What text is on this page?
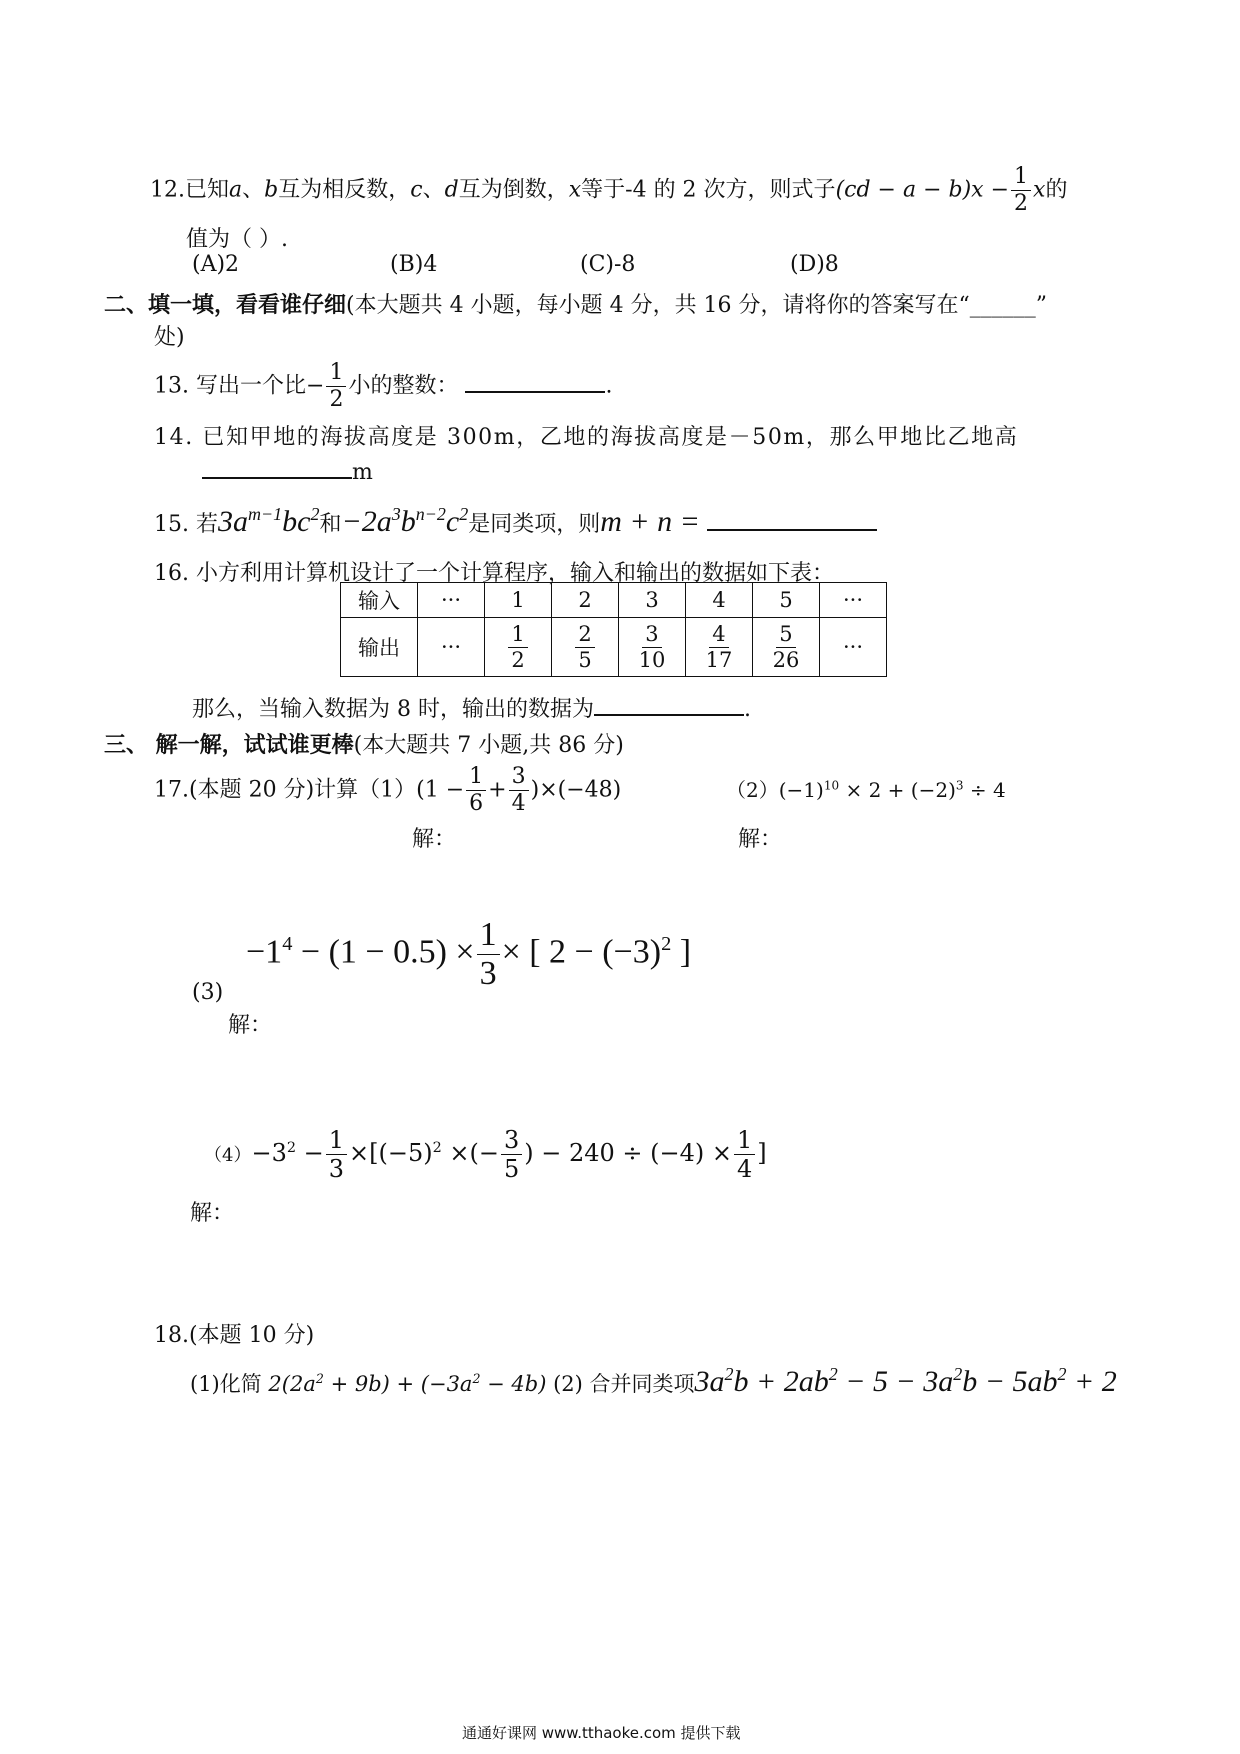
12.已知a、b互为相反数，c、d互为倒数，x等于-4 的 2 次方，则式子$(cd - a - b)x - \frac{1}{2}$ x的
值为（ ）.
(A)2	(B)4	(C)-8	(D)8
二、填一填，看看谁仔细(本大题共 4 小题，每小题 4 分，共 16 分，请将你的答案写在“______”
处)
13. 写出一个比− $\frac{1}{2}$ 小的整数：	.
14. 已知甲地的海拔高度是 300m，乙地的海拔高度是－50m，那么甲地比乙地高
m
15. 若$3a^{m-1}bc^2$和$-2a^3b^{n-2}c^2$是同类项，则m + n =
16. 小方利用计算机设计了一个计算程序，输入和输出的数据如下表：
输入	···	1	2	3	4	5	···
输出	···	$\frac{1}{2}$	$\frac{2}{5}$	$\frac{3}{10}$	$\frac{4}{17}$	$\frac{5}{26}$	···
那么，当输入数据为 8 时，输出的数据为	.
三、 解一解，试试谁更棒(本大题共 7 小题,共 86 分)
17.(本题 20 分)计算$(1)(1 - \frac{1}{6} + \frac{3}{4} )\times(-48)$	$(2)(-1)^{10} \times 2 + (-2)^3 \div 4$
解：	解：
(3)
$-1^4 - (1 - 0.5) \times \frac{1}{3}$ × [ $2 - (-3)^2$ ]
解：
$(4)-3^2 - \frac{1}{3} \times[(-5)^2$ ×(− $\frac{3}{5}$ ) − $240 \div (-4) \times \frac{1}{4}$ ]
解：
18.(本题 10 分)
(1)化简 $2(2a^2 + 9b) + (-3a^2 - 4b)$ (2) 合并同类项$3a^2b + 2ab^2 - 5 - 3a^2b - 5ab^2 + 2$
通通好课网 www.tthaoke.com 提供下载
